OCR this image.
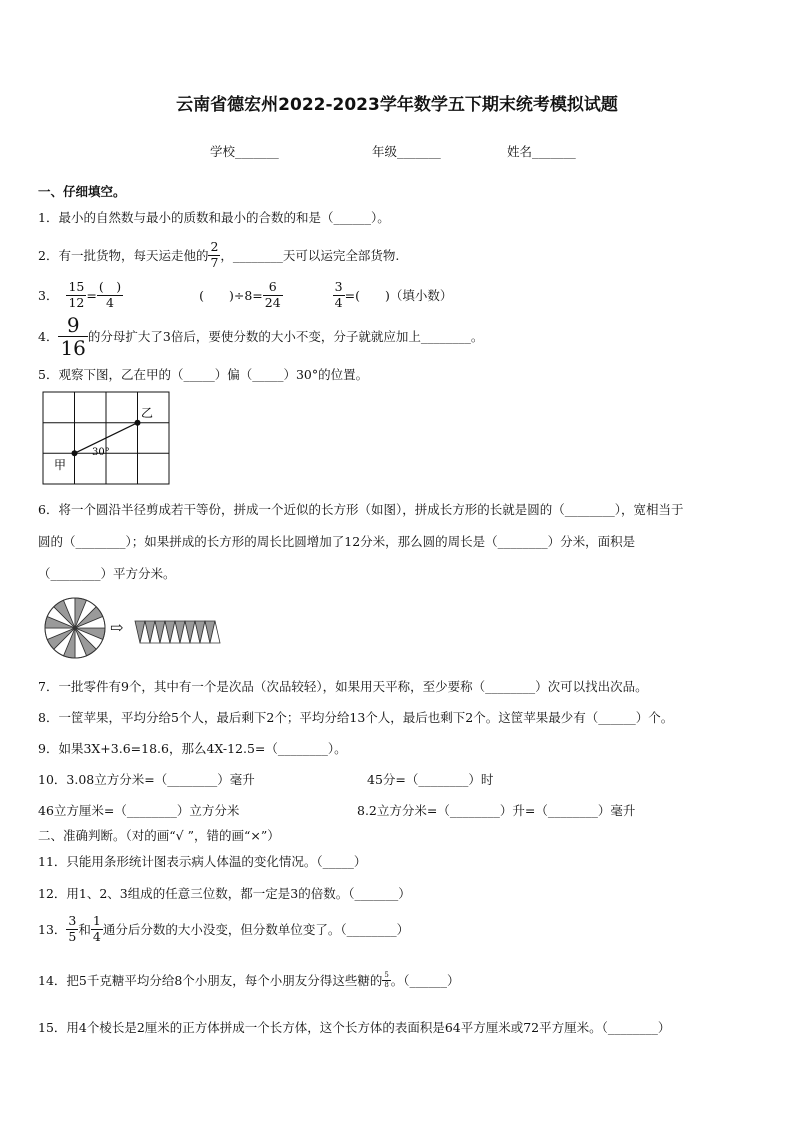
云南省德宏州2022-2023学年数学五下期末统考模拟试题
学校_______	年级_______	姓名_______
一、仔细填空。
1．最小的自然数与最小的质数和最小的合数的和是（______）。
2．有一批货物，每天运走他的 $\frac{2}{7}$ ，________天可以运完全部货物.
3． $\frac{15}{12} = \frac{( )}{4}$	(　　)$\div 8= \frac{6}{24}$	$\frac{3}{4}$ =(　　)（填小数）
4． $\frac{9}{16}$ 的分母扩大了3倍后，要使分数的大小不变，分子就就应加上________。
5．观察下图，乙在甲的（_____）偏（_____）30°的位置。
甲
乙
30°
6．将一个圆沿半径剪成若干等份，拼成一个近似的长方形（如图），拼成长方形的长就是圆的（________），宽相当于
圆的（________）；如果拼成的长方形的周长比圆增加了12分米，那么圆的周长是（________）分米，面积是
（________）平方分米。
⇨
7．一批零件有9个，其中有一个是次品（次品较轻），如果用天平称，至少要称（________）次可以找出次品。
8．一筐苹果，平均分给5个人，最后剩下2个；平均分给13个人，最后也剩下2个。这筐苹果最少有（______）个。
9．如果3X+3.6=18.6，那么4X-12.5=（________）。
10．3.08立方分米=（________）毫升	45分=（________）时
46立方厘米=（________）立方分米	8.2立方分米=（________）升=（________）毫升
二、准确判断。（对的画“√ ”，错的画“×”）
11．只能用条形统计图表示病人体温的变化情况。（_____）
12．用1、2、3组成的任意三位数，都一定是3的倍数。（_______）
13． $\frac{3}{5}$ 和 $\frac{1}{4}$ 通分后分数的大小没变，但分数单位变了。（________）
14．把5千克糖平均分给8个小朋友，每个小朋友分得这些糖的 $\frac{5}{8}$ 。（______）
15．用4个棱长是2厘米的正方体拼成一个长方体，这个长方体的表面积是64平方厘米或72平方厘米。（________）
